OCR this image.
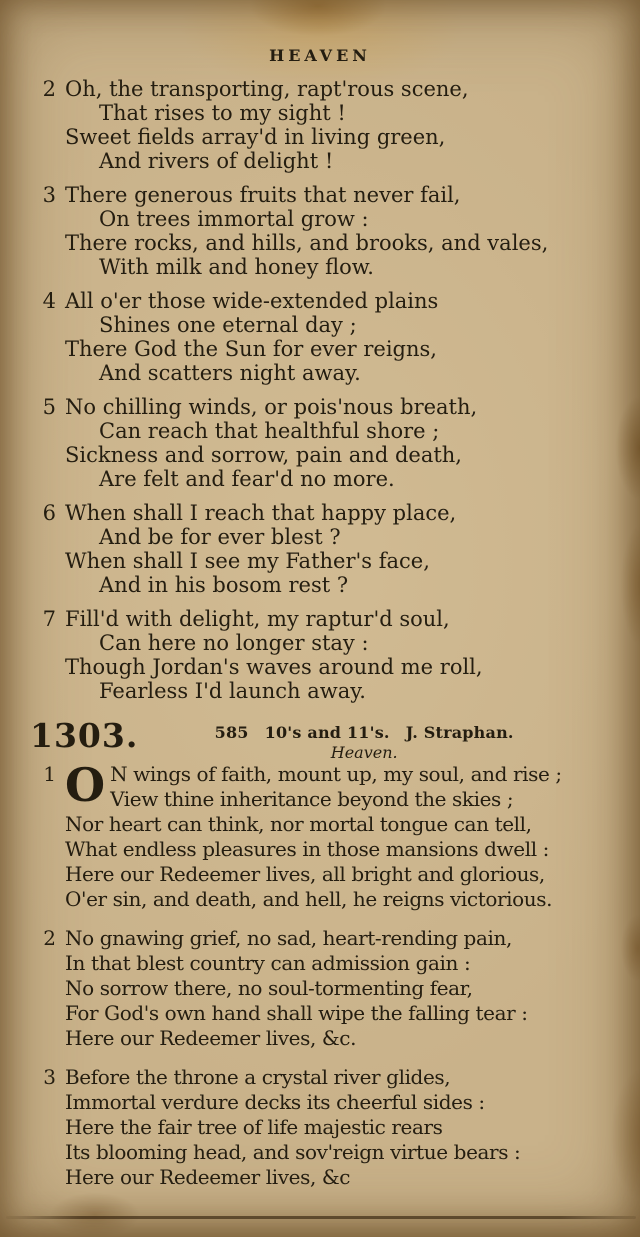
HEAVEN
2 Oh, the transporting, rapt'rous scene,
That rises to my sight !
Sweet fields array'd in living green,
And rivers of delight !
3 There generous fruits that never fail,
On trees immortal grow :
There rocks, and hills, and brooks, and vales,
With milk and honey flow.
4 All o'er those wide-extended plains
Shines one eternal day ;
There God the Sun for ever reigns,
And scatters night away.
5 No chilling winds, or pois'nous breath,
Can reach that healthful shore ;
Sickness and sorrow, pain and death,
Are felt and fear'd no more.
6 When shall I reach that happy place,
And be for ever blest ?
When shall I see my Father's face,
And in his bosom rest ?
7 Fill'd with delight, my raptur'd soul,
Can here no longer stay :
Though Jordan's waves around me roll,
Fearless I'd launch away.
1303.	585 10's and 11's. J. Straphan.
Heaven.
1 O N wings of faith, mount up, my soul, and rise ;
View thine inheritance beyond the skies ;
Nor heart can think, nor mortal tongue can tell,
What endless pleasures in those mansions dwell :
Here our Redeemer lives, all bright and glorious,
O'er sin, and death, and hell, he reigns victorious.
2 No gnawing grief, no sad, heart-rending pain,
In that blest country can admission gain :
No sorrow there, no soul-tormenting fear,
For God's own hand shall wipe the falling tear :
Here our Redeemer lives, &c.
3 Before the throne a crystal river glides,
Immortal verdure decks its cheerful sides :
Here the fair tree of life majestic rears
Its blooming head, and sov'reign virtue bears :
Here our Redeemer lives, &c
